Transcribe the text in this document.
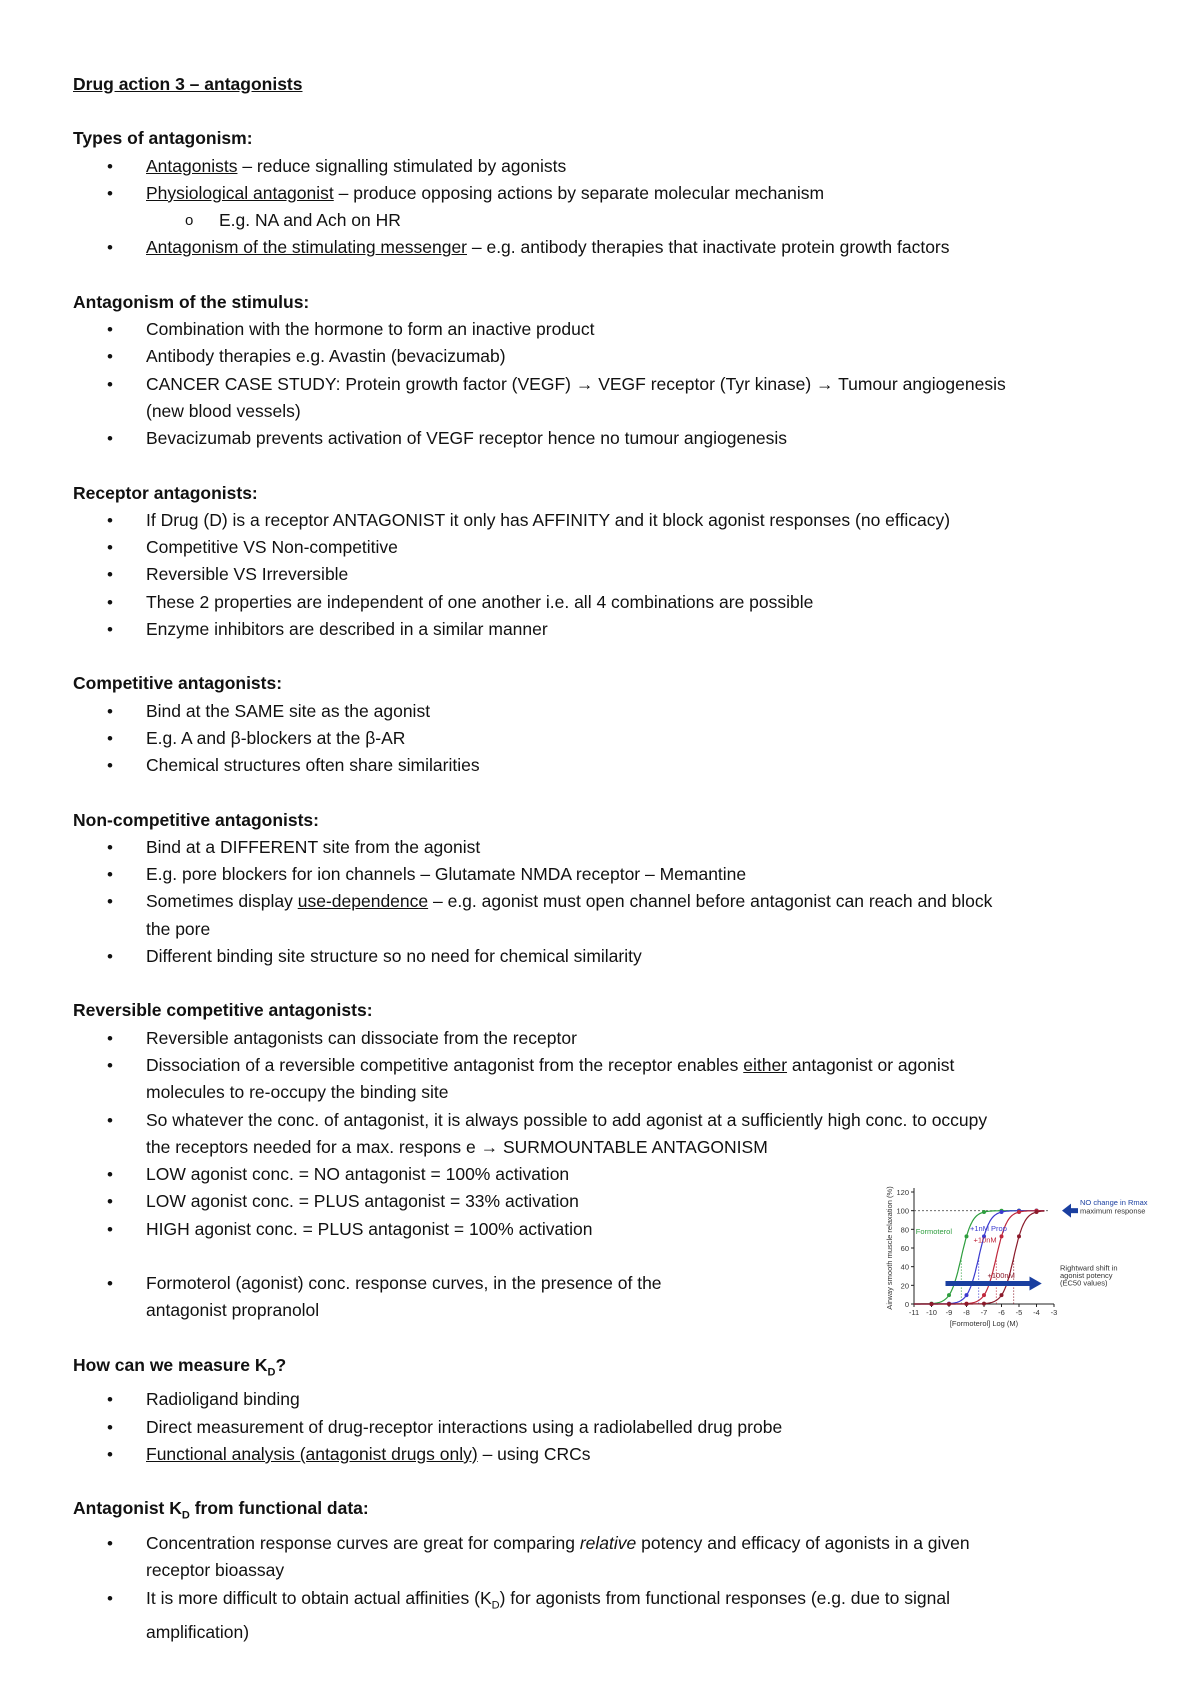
Drug action 3 – antagonists
Types of antagonism:
• Antagonists – reduce signalling stimulated by agonists
• Physiological antagonist – produce opposing actions by separate molecular mechanism
o E.g. NA and Ach on HR
• Antagonism of the stimulating messenger – e.g. antibody therapies that inactivate protein growth factors
Antagonism of the stimulus:
• Combination with the hormone to form an inactive product
• Antibody therapies e.g. Avastin (bevacizumab)
• CANCER CASE STUDY: Protein growth factor (VEGF) → VEGF receptor (Tyr kinase) → Tumour angiogenesis
(new blood vessels)
• Bevacizumab prevents activation of VEGF receptor hence no tumour angiogenesis
Receptor antagonists:
• If Drug (D) is a receptor ANTAGONIST it only has AFFINITY and it block agonist responses (no efficacy)
• Competitive VS Non-competitive
• Reversible VS Irreversible
• These 2 properties are independent of one another i.e. all 4 combinations are possible
• Enzyme inhibitors are described in a similar manner
Competitive antagonists:
• Bind at the SAME site as the agonist
• E.g. A and β-blockers at the β-AR
• Chemical structures often share similarities
Non-competitive antagonists:
• Bind at a DIFFERENT site from the agonist
• E.g. pore blockers for ion channels – Glutamate NMDA receptor – Memantine
• Sometimes display use-dependence – e.g. agonist must open channel before antagonist can reach and block
the pore
• Different binding site structure so no need for chemical similarity
Reversible competitive antagonists:
• Reversible antagonists can dissociate from the receptor
• Dissociation of a reversible competitive antagonist from the receptor enables either antagonist or agonist
molecules to re-occupy the binding site
• So whatever the conc. of antagonist, it is always possible to add agonist at a sufficiently high conc. to occupy
the receptors needed for a max. respons e → SURMOUNTABLE ANTAGONISM
• LOW agonist conc. = NO antagonist = 100% activation
• LOW agonist conc. = PLUS antagonist = 33% activation
• HIGH agonist conc. = PLUS antagonist = 100% activation
• Formoterol (agonist) conc. response curves, in the presence of the
antagonist propranolol
How can we measure $K_D$?
• Radioligand binding
• Direct measurement of drug-receptor interactions using a radiolabelled drug probe
• Functional analysis (antagonist drugs only) – using CRCs
Antagonist $K_D$ from functional data:
• Concentration response curves are great for comparing relative potency and efficacy of agonists in a given
receptor bioassay
• It is more difficult to obtain actual affinities $(K_D)$ for agonists from functional responses (e.g. due to signal
amplification)
0
20
40
60
80
100
120
-11 -10 -9 -8 -7 -6 -5 -4 -3
[Formoterol] Log (M)
Airway smooth muscle relaxation (%)	Formoterol +1nM Prop
+10nM
+100nM
NO change in Rmax
maximum response
Rightward shift in
agonist potency
(EC50 values)
